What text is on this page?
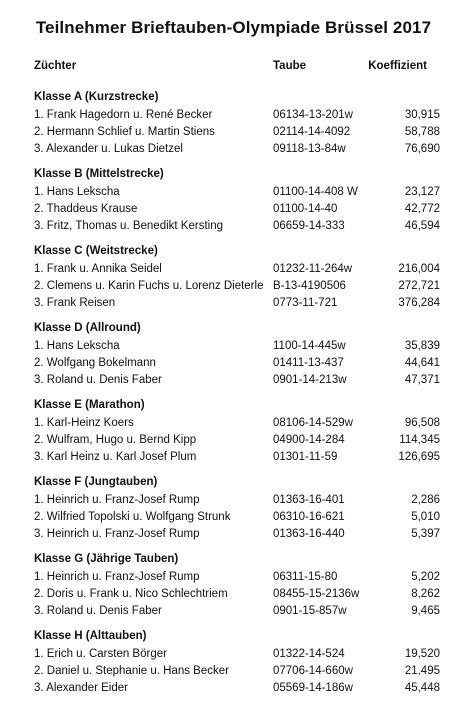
Teilnehmer Brieftauben-Olympiade Brüssel 2017
Züchter	Taube	Koeffizient
Klasse A (Kurzstrecke)
1. Frank Hagedorn u. René Becker	06134-13-201w	30,915
2. Hermann Schlief u. Martin Stiens	02114-14-4092	58,788
3. Alexander u. Lukas Dietzel	09118-13-84w	76,690
Klasse B (Mittelstrecke)
1. Hans Lekscha	01100-14-408 W	23,127
2. Thaddeus Krause	01100-14-40	42,772
3. Fritz, Thomas u. Benedikt Kersting	06659-14-333	46,594
Klasse C (Weitstrecke)
1. Frank u. Annika Seidel	01232-11-264w	216,004
2. Clemens u. Karin Fuchs u. Lorenz Dieterle B-13-4190506	272,721
3. Frank Reisen	0773-11-721	376,284
Klasse D (Allround)
1. Hans Lekscha	1100-14-445w	35,839
2. Wolfgang Bokelmann	01411-13-437	44,641
3. Roland u. Denis Faber	0901-14-213w	47,371
Klasse E (Marathon)
1. Karl-Heinz Koers	08106-14-529w	96,508
2. Wulfram, Hugo u. Bernd Kipp	04900-14-284	114,345
3. Karl Heinz u. Karl Josef Plum	01301-11-59	126,695
Klasse F (Jungtauben)
1. Heinrich u. Franz-Josef Rump	01363-16-401	2,286
2. Wilfried Topolski u. Wolfgang Strunk	06310-16-621	5,010
3. Heinrich u. Franz-Josef Rump	01363-16-440	5,397
Klasse G (Jährige Tauben)
1. Heinrich u. Franz-Josef Rump	06311-15-80	5,202
2. Doris u. Frank u. Nico Schlechtriem	08455-15-2136w	8,262
3. Roland u. Denis Faber	0901-15-857w	9,465
Klasse H (Alttauben)
1. Erich u. Carsten Börger	01322-14-524	19,520
2. Daniel u. Stephanie u. Hans Becker	07706-14-660w	21,495
3. Alexander Eider	05569-14-186w	45,448
